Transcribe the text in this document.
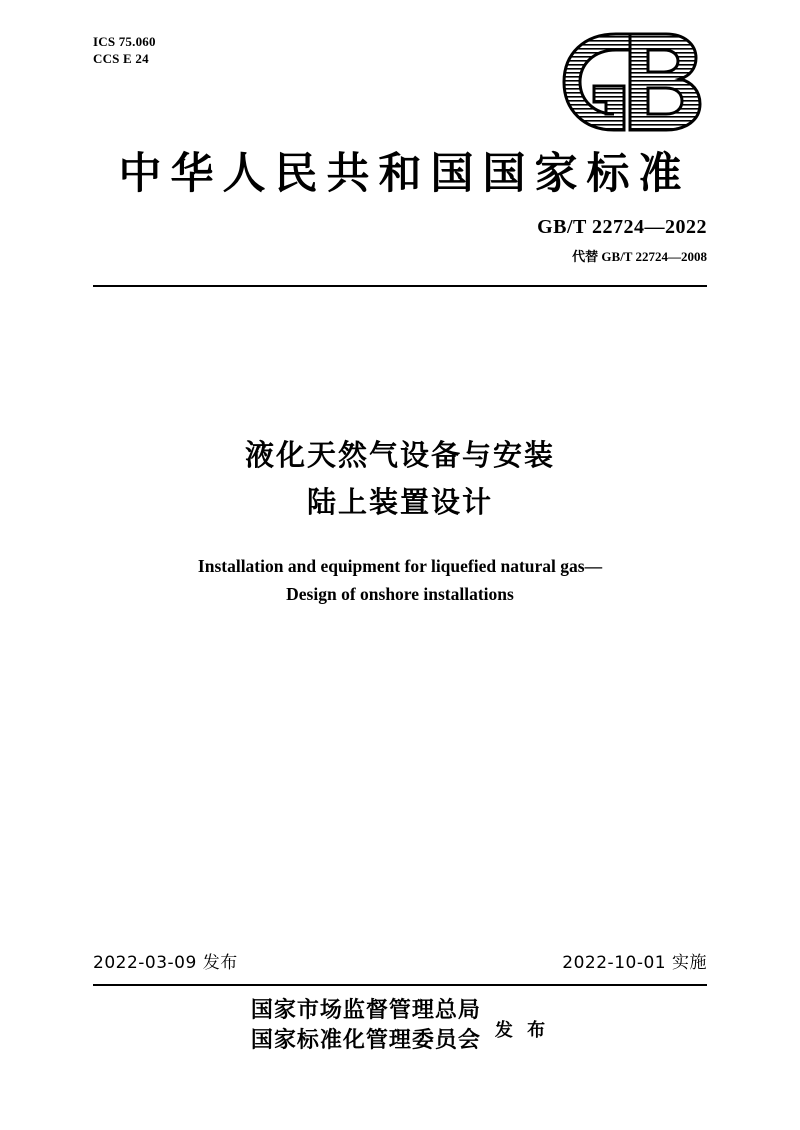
ICS 75.060
CCS E 24
中华人民共和国国家标准
GB/T 22724—2022
代替 GB/T 22724—2008
液化天然气设备与安装
陆上装置设计
Installation and equipment for liquefied natural gas—
Design of onshore installations
2022-03-09 发布	2022-10-01 实施
国家市场监督管理总局
国家标准化管理委员会 发 布
